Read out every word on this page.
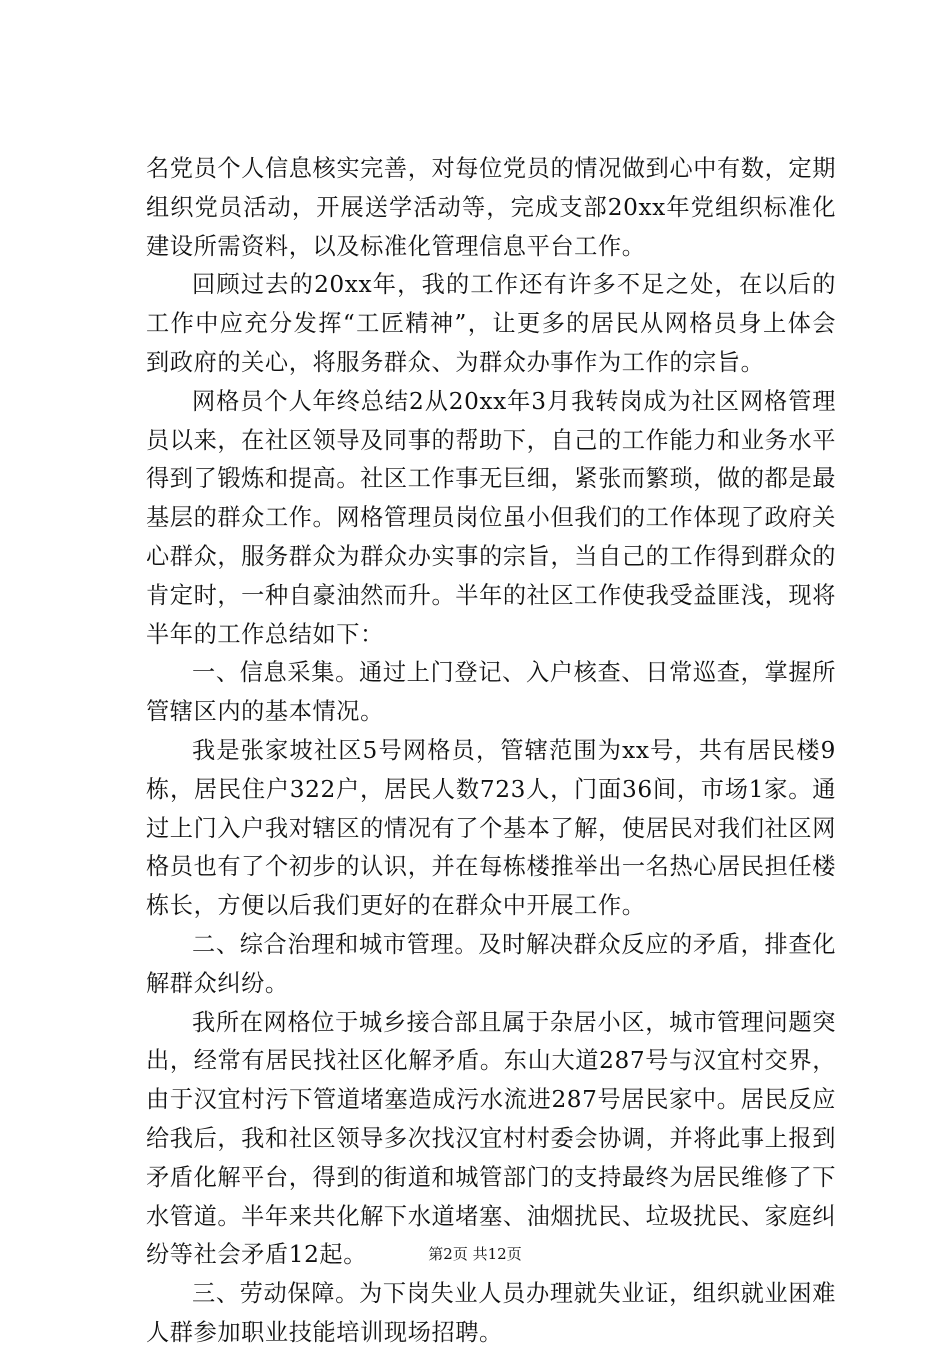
名党员个人信息核实完善，对每位党员的情况做到心中有数，定期组织党员活动，开展送学活动等，完成支部20xx年党组织标准化建设所需资料，以及标准化管理信息平台工作。

回顾过去的20xx年，我的工作还有许多不足之处，在以后的工作中应充分发挥“工匠精神”，让更多的居民从网格员身上体会到政府的关心，将服务群众、为群众办事作为工作的宗旨。

网格员个人年终总结2从20xx年3月我转岗成为社区网格管理员以来，在社区领导及同事的帮助下，自己的工作能力和业务水平得到了锻炼和提高。社区工作事无巨细，紧张而繁琐，做的都是最基层的群众工作。网格管理员岗位虽小但我们的工作体现了政府关心群众，服务群众为群众办实事的宗旨，当自己的工作得到群众的肯定时，一种自豪油然而升。半年的社区工作使我受益匪浅，现将半年的工作总结如下：

一、信息采集。通过上门登记、入户核查、日常巡查，掌握所管辖区内的基本情况。

我是张家坡社区5号网格员，管辖范围为xx号，共有居民楼9栋，居民住户322户，居民人数723人，门面36间，市场1家。通过上门入户我对辖区的情况有了个基本了解，使居民对我们社区网格员也有了个初步的认识，并在每栋楼推举出一名热心居民担任楼栋长，方便以后我们更好的在群众中开展工作。

二、综合治理和城市管理。及时解决群众反应的矛盾，排查化解群众纠纷。

我所在网格位于城乡接合部且属于杂居小区，城市管理问题突出，经常有居民找社区化解矛盾。东山大道287号与汉宜村交界，由于汉宜村污下管道堵塞造成污水流进287号居民家中。居民反应给我后，我和社区领导多次找汉宜村村委会协调，并将此事上报到矛盾化解平台，得到的街道和城管部门的支持最终为居民维修了下水管道。半年来共化解下水道堵塞、油烟扰民、垃圾扰民、家庭纠纷等社会矛盾12起。

三、劳动保障。为下岗失业人员办理就失业证，组织就业困难人群参加职业技能培训现场招聘。

第2页 共12页
